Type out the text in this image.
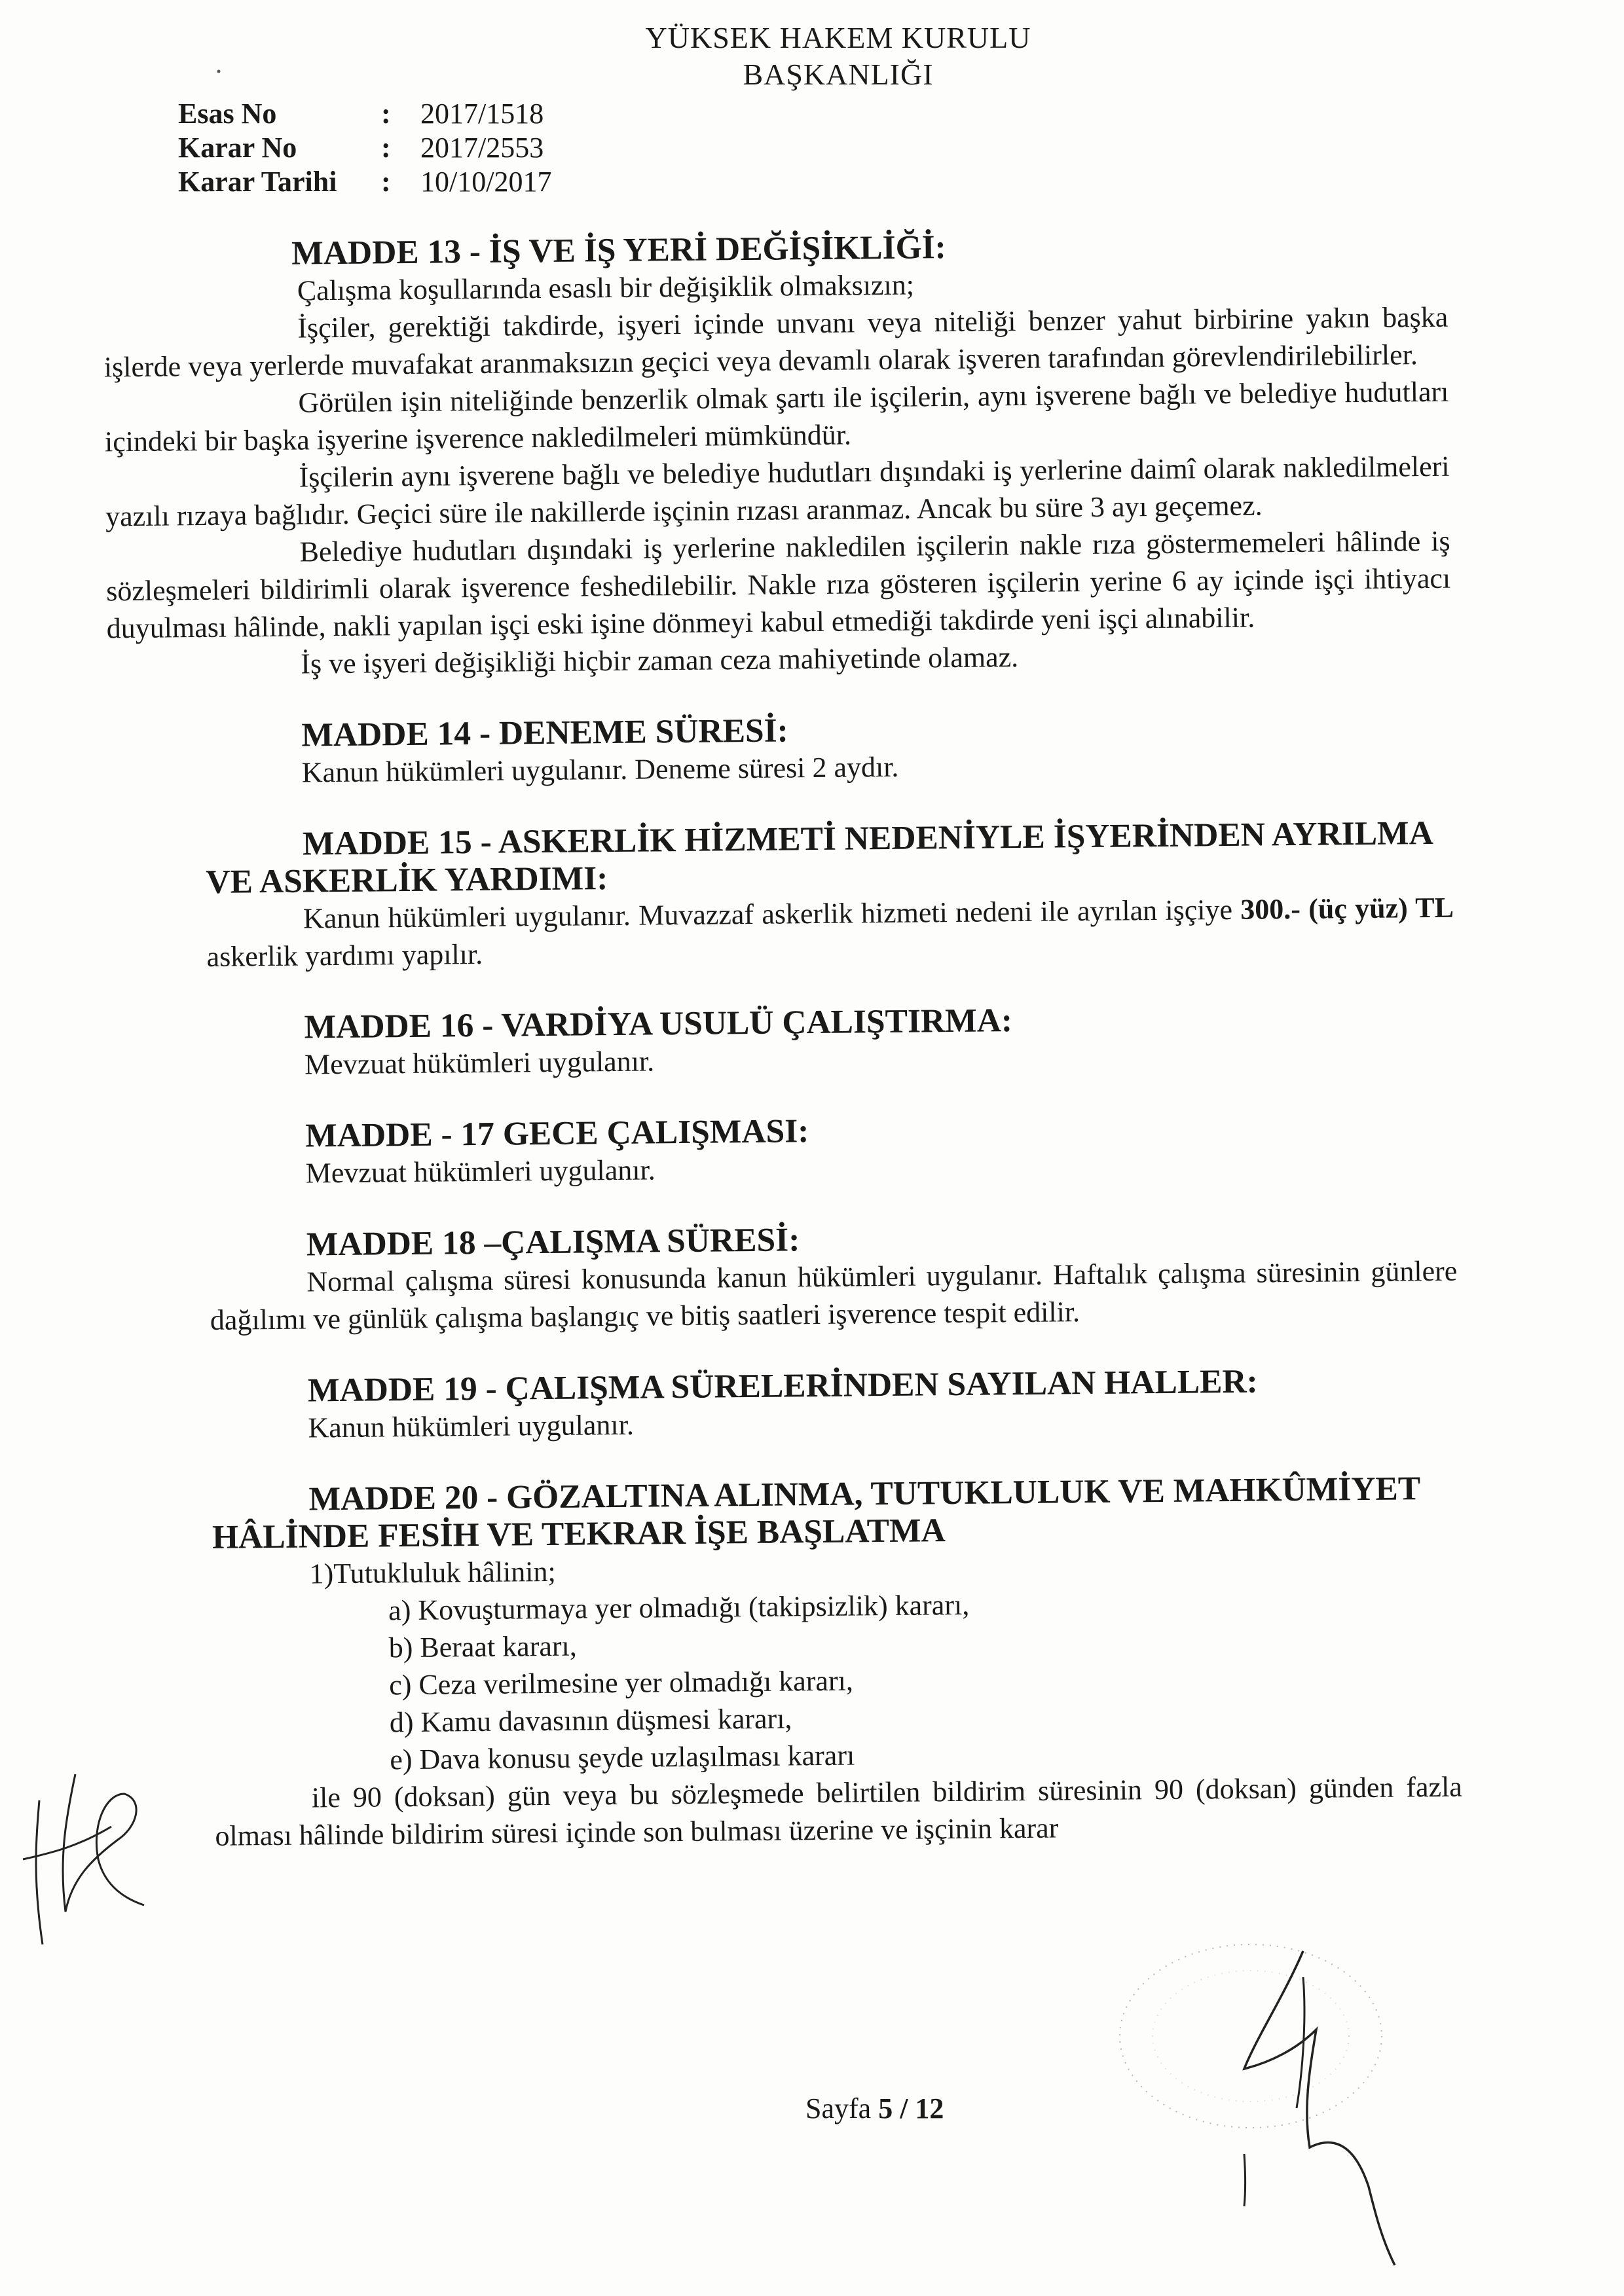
YÜKSEK HAKEM KURULU
BAŞKANLIĞI
Esas No	:	2017/1518
Karar No	:	2017/2553
Karar Tarihi	:	10/10/2017
MADDE 13 - İŞ VE İŞ YERİ DEĞİŞİKLİĞİ:

Çalışma koşullarında esaslı bir değişiklik olmaksızın;

İşçiler, gerektiği takdirde, işyeri içinde unvanı veya niteliği benzer yahut birbirine yakın başka işlerde veya yerlerde muvafakat aranmaksızın geçici veya devamlı olarak işveren tarafından görevlendirilebilirler.

Görülen işin niteliğinde benzerlik olmak şartı ile işçilerin, aynı işverene bağlı ve belediye hudutları içindeki bir başka işyerine işverence nakledilmeleri mümkündür.

İşçilerin aynı işverene bağlı ve belediye hudutları dışındaki iş yerlerine daimî olarak nakledilmeleri yazılı rızaya bağlıdır. Geçici süre ile nakillerde işçinin rızası aranmaz. Ancak bu süre 3 ayı geçemez.

Belediye hudutları dışındaki iş yerlerine nakledilen işçilerin nakle rıza göstermemeleri hâlinde iş sözleşmeleri bildirimli olarak işverence feshedilebilir. Nakle rıza gösteren işçilerin yerine 6 ay içinde işçi ihtiyacı duyulması hâlinde, nakli yapılan işçi eski işine dönmeyi kabul etmediği takdirde yeni işçi alınabilir.

İş ve işyeri değişikliği hiçbir zaman ceza mahiyetinde olamaz.

MADDE 14 - DENEME SÜRESİ:

Kanun hükümleri uygulanır. Deneme süresi 2 aydır.

MADDE 15 - ASKERLİK HİZMETİ NEDENİYLE İŞYERİNDEN AYRILMA
VE ASKERLİK YARDIMI:

Kanun hükümleri uygulanır. Muvazzaf askerlik hizmeti nedeni ile ayrılan işçiye 300.- (üç yüz) TL askerlik yardımı yapılır.

MADDE 16 - VARDİYA USULÜ ÇALIŞTIRMA:

Mevzuat hükümleri uygulanır.

MADDE - 17 GECE ÇALIŞMASI:

Mevzuat hükümleri uygulanır.

MADDE 18 –ÇALIŞMA SÜRESİ:

Normal çalışma süresi konusunda kanun hükümleri uygulanır. Haftalık çalışma süresinin günlere dağılımı ve günlük çalışma başlangıç ve bitiş saatleri işverence tespit edilir.

MADDE 19 - ÇALIŞMA SÜRELERİNDEN SAYILAN HALLER:

Kanun hükümleri uygulanır.

MADDE 20 - GÖZALTINA ALINMA, TUTUKLULUK VE MAHKÛMİYET
HÂLİNDE FESİH VE TEKRAR İŞE BAŞLATMA

1)Tutukluluk hâlinin;

a) Kovuşturmaya yer olmadığı (takipsizlik) kararı,
b) Beraat kararı,
c) Ceza verilmesine yer olmadığı kararı,
d) Kamu davasının düşmesi kararı,
e) Dava konusu şeyde uzlaşılması kararı

ile 90 (doksan) gün veya bu sözleşmede belirtilen bildirim süresinin 90 (doksan) günden fazla olması hâlinde bildirim süresi içinde son bulması üzerine ve işçinin karar

Sayfa 5 / 12
